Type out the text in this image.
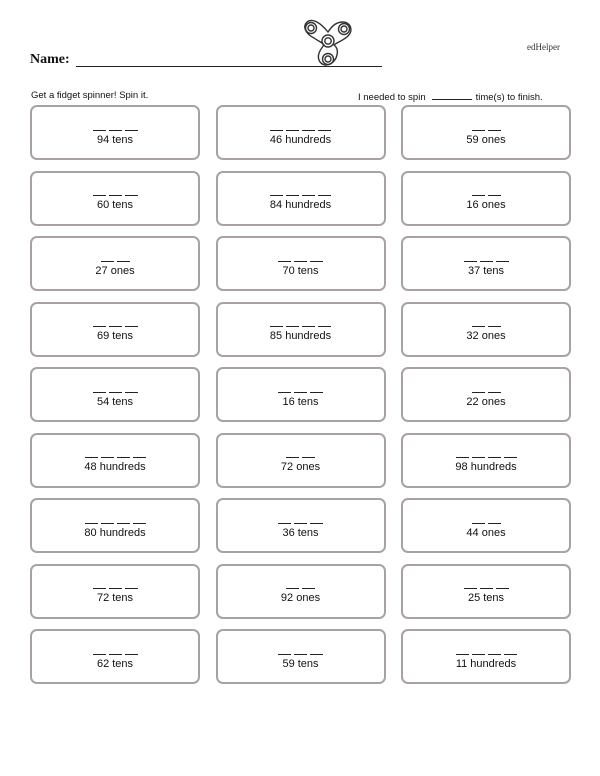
Name:
edHelper
Get a fidget spinner! Spin it.	I needed to spin	time(s) to finish.
94 tens	46 hundreds	59 ones
60 tens	84 hundreds	16 ones
27 ones	70 tens	37 tens
69 tens	85 hundreds	32 ones
54 tens	16 tens	22 ones
48 hundreds	72 ones	98 hundreds
80 hundreds	36 tens	44 ones
72 tens	92 ones	25 tens
62 tens	59 tens	11 hundreds
